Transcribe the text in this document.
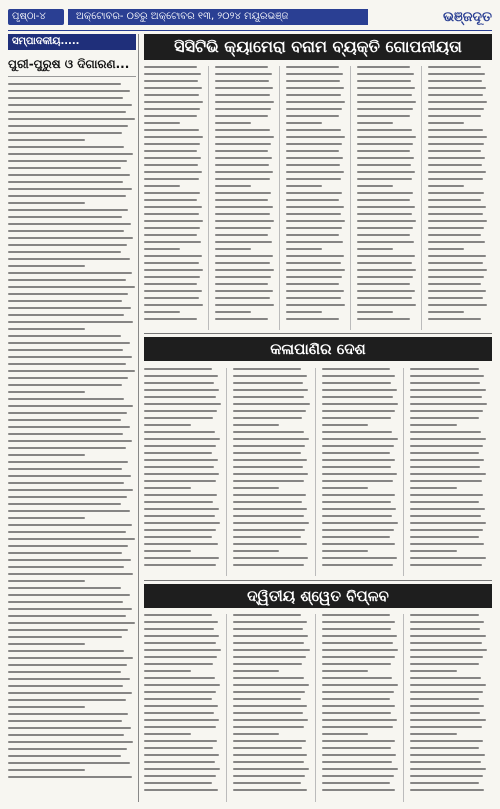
ପୃଷ୍ଠା-୪	ଅକ୍ଟୋବର- ୦୭ରୁ ଅକ୍ଟୋବର ୧୩, ୨୦୨୪ ମୟୂରଭଞ୍ଜ	ଭଞ୍ଜଦୂତ
ସମ୍ପାଦକୀୟ.....
ପୁରୀ-ପୁରୁଷ ଓ ଦିଗାରଣ...
ସିସିଟିଭି କ୍ୟାମେରା ବନାମ ବ୍ୟକ୍ତି ଗୋପନୀୟତା
କଳାପାଣିର ଦେଶ
ଦ୍ୱିତୀୟ ଶ୍ୱେତ ବିପ୍ଳବ
